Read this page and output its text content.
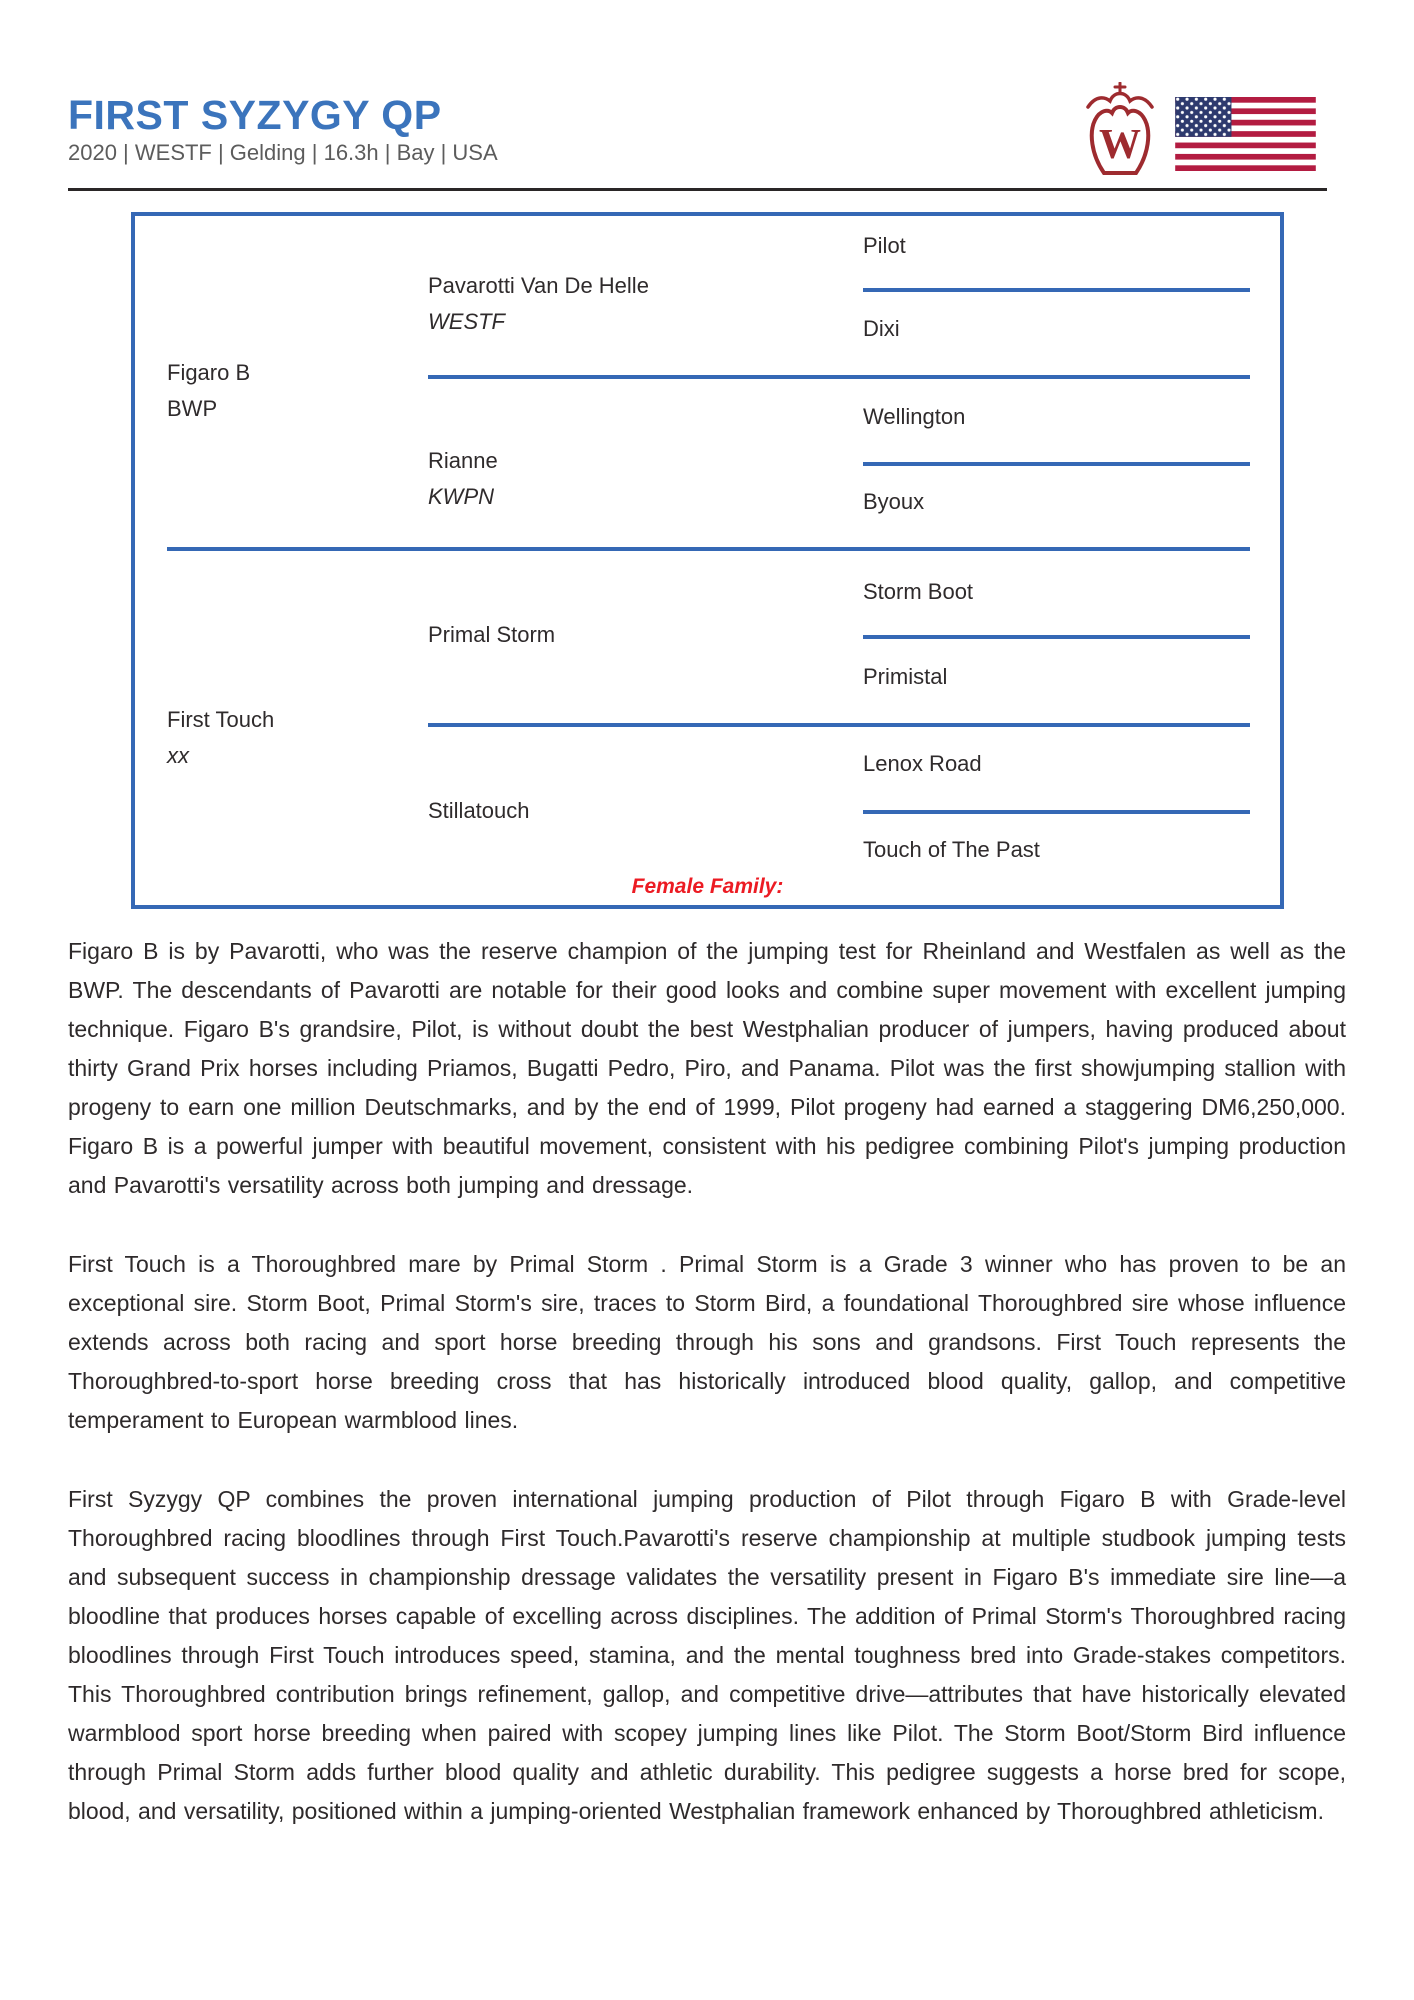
FIRST SYZYGY QP
2020 | WESTF | Gelding | 16.3h | Bay | USA	W
Figaro B
BWP
First Touch
xx
Pavarotti Van De Helle
WESTF
Rianne
KWPN
Primal Storm
Stillatouch
Pilot
Dixi
Wellington
Byoux
Storm Boot
Primistal
Lenox Road
Touch of The Past
Female Family:

Figaro B is by Pavarotti, who was the reserve champion of the jumping test for Rheinland and Westfalen as well as the BWP. The descendants of Pavarotti are notable for their good looks and combine super movement with excellent jumping technique. Figaro B's grandsire, Pilot, is without doubt the best Westphalian producer of jumpers, having produced about thirty Grand Prix horses including Priamos, Bugatti Pedro, Piro, and Panama. Pilot was the first showjumping stallion with progeny to earn one million Deutschmarks, and by the end of 1999, Pilot progeny had earned a staggering DM6,250,000. Figaro B is a powerful jumper with beautiful movement, consistent with his pedigree combining Pilot's jumping production and Pavarotti's versatility across both jumping and dressage.

First Touch is a Thoroughbred mare by Primal Storm . Primal Storm is a Grade 3 winner who has proven to be an exceptional sire. Storm Boot, Primal Storm's sire, traces to Storm Bird, a foundational Thoroughbred sire whose influence extends across both racing and sport horse breeding through his sons and grandsons. First Touch represents the Thoroughbred-to-sport horse breeding cross that has historically introduced blood quality, gallop, and competitive temperament to European warmblood lines.

First Syzygy QP combines the proven international jumping production of Pilot through Figaro B with Grade-level Thoroughbred racing bloodlines through First Touch.Pavarotti's reserve championship at multiple studbook jumping tests and subsequent success in championship dressage validates the versatility present in Figaro B's immediate sire line—a bloodline that produces horses capable of excelling across disciplines. The addition of Primal Storm's Thoroughbred racing bloodlines through First Touch introduces speed, stamina, and the mental toughness bred into Grade-stakes competitors. This Thoroughbred contribution brings refinement, gallop, and competitive drive—attributes that have historically elevated warmblood sport horse breeding when paired with scopey jumping lines like Pilot. The Storm Boot/Storm Bird influence through Primal Storm adds further blood quality and athletic durability. This pedigree suggests a horse bred for scope, blood, and versatility, positioned within a jumping-oriented Westphalian framework enhanced by Thoroughbred athleticism.
